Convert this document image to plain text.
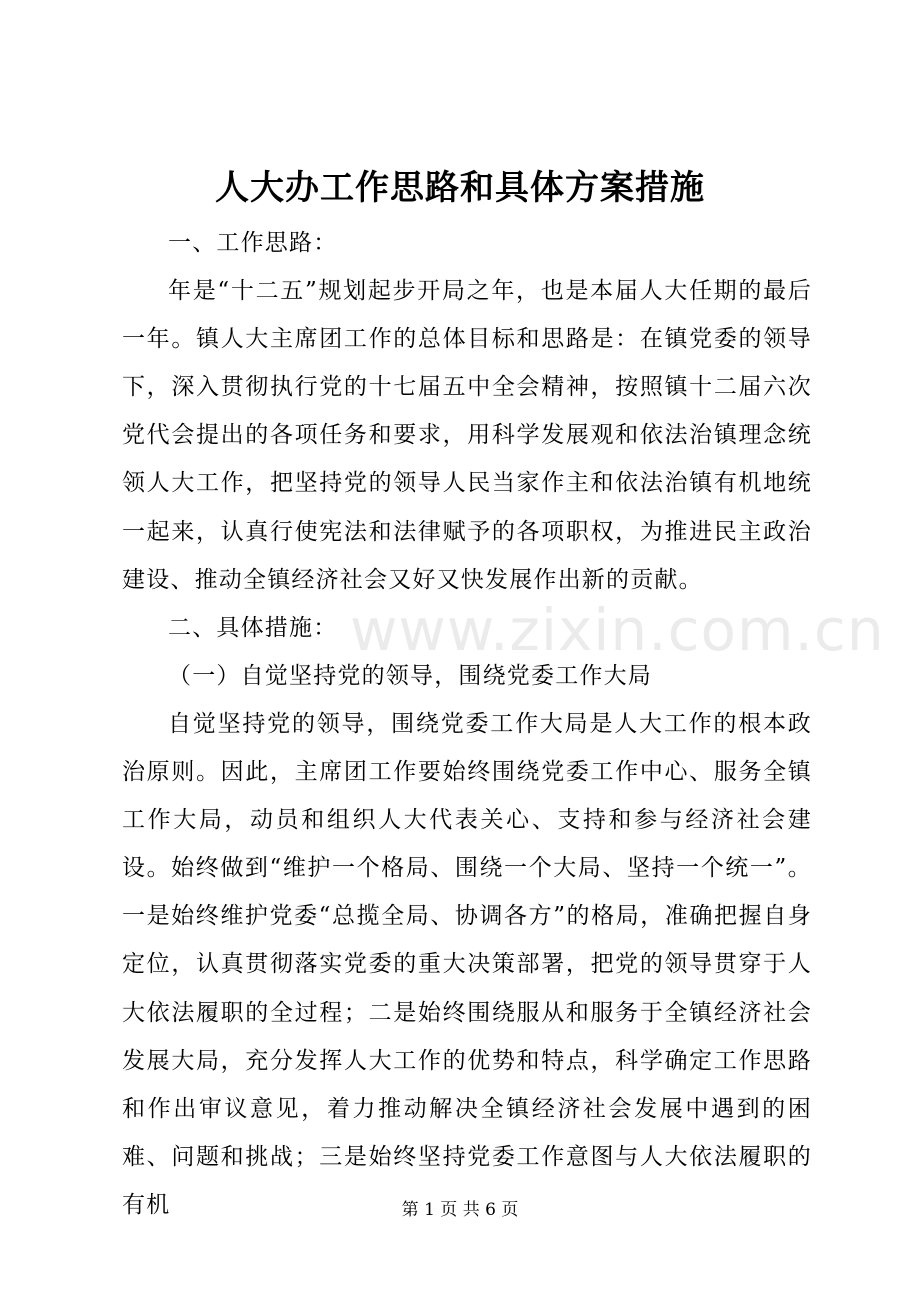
人大办工作思路和具体方案措施

一、工作思路：

年是“十二五”规划起步开局之年，也是本届人大任期的最后一年。镇人大主席团工作的总体目标和思路是：在镇党委的领导下，深入贯彻执行党的十七届五中全会精神，按照镇十二届六次党代会提出的各项任务和要求，用科学发展观和依法治镇理念统领人大工作，把坚持党的领导人民当家作主和依法治镇有机地统一起来，认真行使宪法和法律赋予的各项职权，为推进民主政治建设、推动全镇经济社会又好又快发展作出新的贡献。

二、具体措施：

（一）自觉坚持党的领导，围绕党委工作大局

自觉坚持党的领导，围绕党委工作大局是人大工作的根本政治原则。因此，主席团工作要始终围绕党委工作中心、服务全镇工作大局，动员和组织人大代表关心、支持和参与经济社会建设。始终做到“维护一个格局、围绕一个大局、坚持一个统一”。一是始终维护党委“总揽全局、协调各方”的格局，准确把握自身定位，认真贯彻落实党委的重大决策部署，把党的领导贯穿于人大依法履职的全过程；二是始终围绕服从和服务于全镇经济社会发展大局，充分发挥人大工作的优势和特点，科学确定工作思路和作出审议意见，着力推动解决全镇经济社会发展中遇到的困难、问题和挑战；三是始终坚持党委工作意图与人大依法履职的有机

www.zixin.com.cn
第 1 页 共 6 页
